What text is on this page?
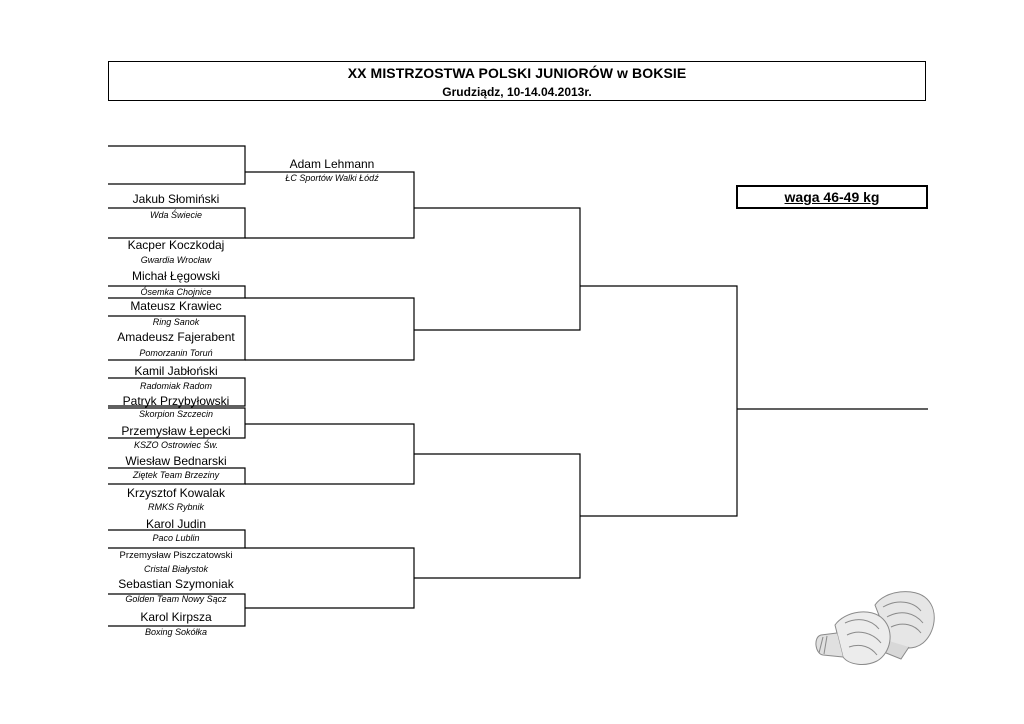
XX MISTRZOSTWA POLSKI JUNIORÓW w BOKSIE
Grudziądz, 10-14.04.2013r.
waga 46-49 kg
Adam Lehmann
ŁC Sportów Walki Łódź
Jakub Słomiński
Wda Świecie
Kacper Koczkodaj
Gwardia Wrocław
Michał Łęgowski
Ósemka Chojnice
Mateusz Krawiec
Ring Sanok
Amadeusz Fajerabent
Pomorzanin Toruń
Kamil Jabłoński
Radomiak Radom
Patryk Przybyłowski
Skorpion Szczecin
Przemysław Łepecki
KSZO Ostrowiec Św.
Wiesław Bednarski
Ziętek Team Brzeziny
Krzysztof Kowalak
RMKS Rybnik
Karol Judin
Paco Lublin
Przemysław Piszczatowski
Cristal Białystok
Sebastian Szymoniak
Golden Team Nowy Sącz
Karol Kirpsza
Boxing Sokółka
